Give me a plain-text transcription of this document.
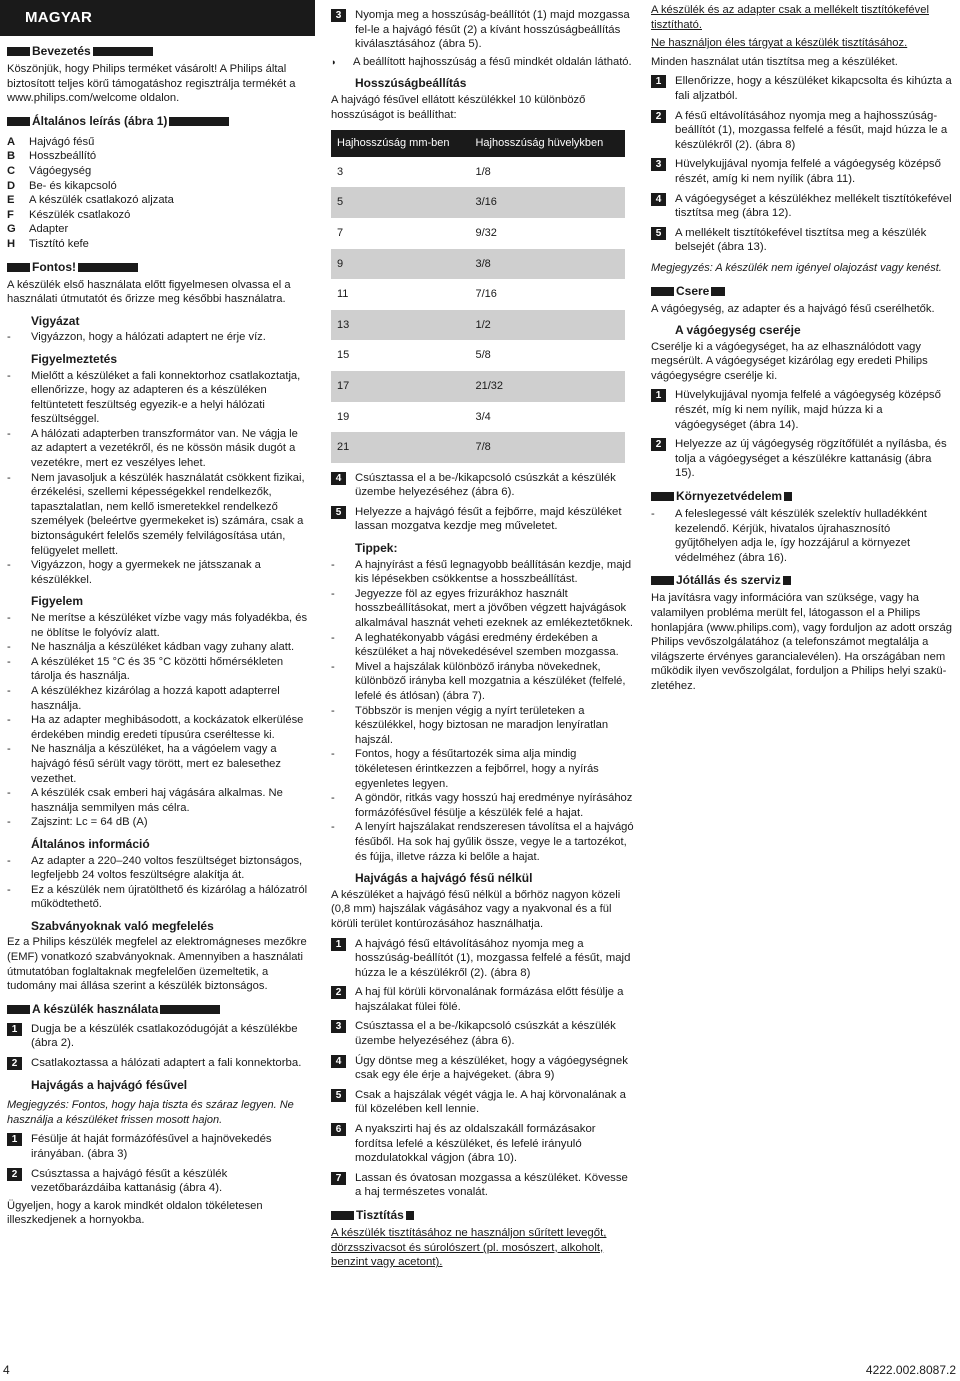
MAGYAR
Bevezetés
Köszönjük, hogy Philips terméket vásárolt! A Philips által biztosított teljes körű támogatáshoz regisztrálja termékét a www.philips.com/welcome oldalon.
Általános leírás (ábra 1)
A	Hajvágó fésű
B	Hosszbeállító
C	Vágóegység
D	Be- és kikapcsoló
E	A készülék csatlakozó aljzata
F	Készülék csatlakozó
G	Adapter
H	Tisztító kefe
Fontos!
A készülék első használata előtt figyelmesen olvassa el a használati útmutatót és őrizze meg későbbi használatra.
Vigyázat
-	Vigyázzon, hogy a hálózati adaptert ne érje víz.
Figyelmeztetés
-	Mielőtt a készüléket a fali konnektorhoz csatlakoztatja, ellenőrizze, hogy az adapteren és a készüléken feltüntetett feszültség egyezik-e a helyi hálózati feszültséggel.
-	A hálózati adapterben transzformátor van. Ne vágja le az adaptert a vezetékről, és ne kössön másik dugót a vezetékre, mert ez veszélyes lehet.
-	Nem javasoljuk a készülék használatát csökkent fizikai, érzékelési, szellemi képességekkel rendelkezők, tapasztalatlan, nem kellő ismeretekkel rendelkező személyek (beleértve gyermekeket is) számára, csak a biztonságukért felelős személy felvilágosítása után, felügyelet mellett.
-	Vigyázzon, hogy a gyermekek ne játsszanak a készülékkel.
Figyelem
-	Ne merítse a készüléket vízbe vagy más folyadékba, és ne öblítse le folyóvíz alatt.
-	Ne használja a készüléket kádban vagy zuhany alatt.
-	A készüléket 15 °C és 35 °C közötti hőmérsékleten tárolja és használja.
-	A készülékhez kizárólag a hozzá kapott adapterrel használja.
-	Ha az adapter meghibásodott, a kockázatok elkerülése érdekében mindig eredeti típusúra cseréltesse ki.
-	Ne használja a készüléket, ha a vágóelem vagy a hajvágó fésű sérült vagy törött, mert ez balesethez vezethet.
-	A készülék csak emberi haj vágására alkalmas. Ne használja semmilyen más célra.
-	Zajszint: Lc = 64 dB (A)
Általános információ
-	Az adapter a 220–240 voltos feszültséget biztonságos, legfeljebb 24 voltos feszültségre alakítja át.
-	Ez a készülék nem újratölthető és kizárólag a hálózatról működtethető.
Szabványoknak való megfelelés
Ez a Philips készülék megfelel az elektromágneses mezőkre (EMF) vonatkozó szabványoknak. Amennyiben a használati útmutatóban foglaltaknak megfelelően üzemeltetik, a tudomány mai állása szerint a készülék biztonságos.
A készülék használata
1	Dugja be a készülék csatlakozódugóját a készülékbe (ábra 2).
2	Csatlakoztassa a hálózati adaptert a fali konnektorba.
Hajvágás a hajvágó fésűvel
Megjegyzés: Fontos, hogy haja tiszta és száraz legyen. Ne használja a készüléket frissen mosott hajon.
1	Fésülje át haját formázófésűvel a hajnövekedés irányában. (ábra 3)
2	Csúsztassa a hajvágó fésűt a készülék vezetőbarázdáiba kattanásig (ábra 4).
Ügyeljen, hogy a karok mindkét oldalon tökéletesen illeszkedjenek a hornyokba.
3	Nyomja meg a hosszúság-beállítót (1) majd mozgassa fel-le a hajvágó fésűt (2) a kívánt hosszúságbeállítás kiválasztásához (ábra 5).
◗	A beállított hajhosszúság a fésű mindkét oldalán látható.
Hosszúságbeállítás
A hajvágó fésűvel ellátott készülékkel 10 különböző hosszúságot is beállíthat:
Hajhosszúság mm-ben	Hajhosszúság hüvelykben
3	1/8
5	3/16
7	9/32
9	3/8
11	7/16
13	1/2
15	5/8
17	21/32
19	3/4
21	7/8
4	Csúsztassa el a be-/kikapcsoló csúszkát a készülék üzembe helyezéséhez (ábra 6).
5	Helyezze a hajvágó fésűt a fejbőrre, majd készüléket lassan mozgatva kezdje meg műveletet.
Tippek:
-	A hajnyírást a fésű legnagyobb beállításán kezdje, majd kis lépésekben csökkentse a hosszbeállítást.
-	Jegyezze föl az egyes frizurákhoz használt hosszbeállításokat, mert a jövőben végzett hajvágások alkalmával hasznát veheti ezeknek az emlékeztetőknek.
-	A leghatékonyabb vágási eredmény érdekében a készüléket a haj növekedésével szemben mozgassa.
-	Mivel a hajszálak különböző irányba növekednek, különböző irányba kell mozgatnia a készüléket (felfelé, lefelé és átlósan) (ábra 7).
-	Többször is menjen végig a nyírt területeken a készülékkel, hogy biztosan ne maradjon lenyíratlan hajszál.
-	Fontos, hogy a fésűtartozék sima alja mindig tökéletesen érintkezzen a fejbőrrel, hogy a nyírás egyenletes legyen.
-	A göndör, ritkás vagy hosszú haj eredménye nyírásához formázófésűvel fésülje a készülék felé a hajat.
-	A lenyírt hajszálakat rendszeresen távolítsa el a hajvágó fésűből. Ha sok haj gyűlik össze, vegye le a tartozékot, és fújja, illetve rázza ki belőle a hajat.
Hajvágás a hajvágó fésű nélkül
A készüléket a hajvágó fésű nélkül a bőrhöz nagyon közeli (0,8 mm) hajszálak vágásához vagy a nyakvonal és a fül körüli terület kontúrozásához használhatja.
1	A hajvágó fésű eltávolításához nyomja meg a hosszúság-beállítót (1), mozgassa felfelé a fésűt, majd húzza le a készülékről (2). (ábra 8)
2	A haj fül körüli körvonalának formázása előtt fésülje a hajszálakat fülei fölé.
3	Csúsztassa el a be-/kikapcsoló csúszkát a készülék üzembe helyezéséhez (ábra 6).
4	Úgy döntse meg a készüléket, hogy a vágóegységnek csak egy éle érje a hajvégeket. (ábra 9)
5	Csak a hajszálak végét vágja le. A haj körvonalának a fül közelében kell lennie.
6	A nyakszirti haj és az oldalszakáll formázásakor fordítsa lefelé a készüléket, és lefelé irányuló mozdulatokkal vágjon (ábra 10).
7	Lassan és óvatosan mozgassa a készüléket. Kövesse a haj természetes vonalát.
Tisztítás
A készülék tisztításához ne használjon sűrített levegőt, dörzsszivacsot és súrolószert (pl. mosószert, alkoholt, benzint vagy acetont).
A készülék és az adapter csak a mellékelt tisztítókefével tisztítható.
Ne használjon éles tárgyat a készülék tisztításához.
Minden használat után tisztítsa meg a készüléket.
1	Ellenőrizze, hogy a készüléket kikapcsolta és kihúzta a fali aljzatból.
2	A fésű eltávolításához nyomja meg a hajhosszúság-beállítót (1), mozgassa felfelé a fésűt, majd húzza le a készülékről (2). (ábra 8)
3	Hüvelykujjával nyomja felfelé a vágóegység középső részét, amíg ki nem nyílik (ábra 11).
4	A vágóegységet a készülékhez mellékelt tisztítókefével tisztítsa meg (ábra 12).
5	A mellékelt tisztítókefével tisztítsa meg a készülék belsejét (ábra 13).
Megjegyzés: A készülék nem igényel olajozást vagy kenést.
Csere
A vágóegység, az adapter és a hajvágó fésű cserélhetők.
A vágóegység cseréje
Cserélje ki a vágóegységet, ha az elhasználódott vagy megsérült. A vágóegységet kizárólag egy eredeti Philips vágóegységre cserélje ki.
1	Hüvelykujjával nyomja felfelé a vágóegység középső részét, míg ki nem nyílik, majd húzza ki a vágóegységet (ábra 14).
2	Helyezze az új vágóegység rögzítőfülét a nyílásba, és tolja a vágóegységet a készülékre kattanásig (ábra 15).
Környezetvédelem
-	A feleslegessé vált készülék szelektív hulladékként kezelendő. Kérjük, hivatalos újrahasznosító gyűjtőhelyen adja le, így hozzájárul a környezet védelméhez (ábra 16).
Jótállás és szerviz
Ha javításra vagy információra van szüksége, vagy ha valamilyen probléma merült fel, látogasson el a Philips honlapjára (www.philips.com), vagy forduljon az adott ország Philips vevőszolgálatához (a telefonszámot megtalálja a világszerte érvényes garancialevélen). Ha országában nem működik ilyen vevőszolgálat, forduljon a Philips helyi szaküzletéhez.
4	4222.002.8087.2
